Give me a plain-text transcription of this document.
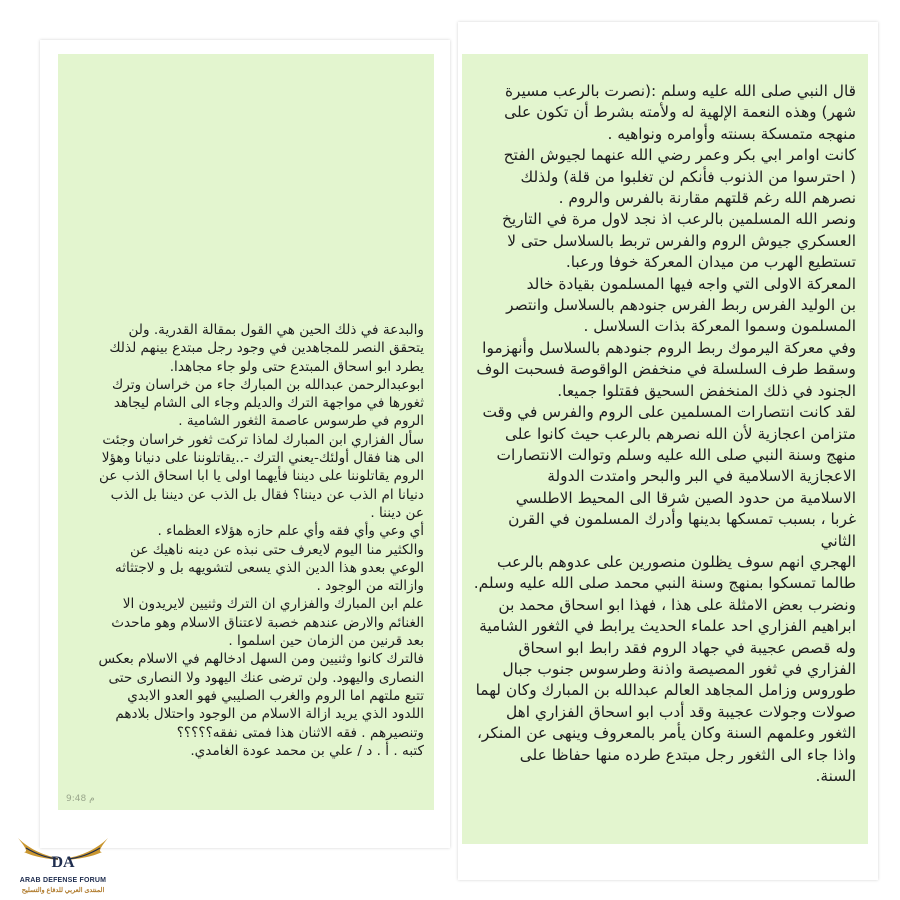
قال النبي صلى الله عليه وسلم :(نصرت بالرعب مسيرة
شهر) وهذه النعمة الإلهية له ولأمته بشرط أن تكون على
منهجه متمسكة بسنته وأوامره ونواهيه .

كانت اوامر ابي بكر وعمر رضي الله عنهما لجيوش الفتح
( احترسوا من الذنوب فأنكم لن تغلبوا من قلة) ولذلك
نصرهم الله رغم قلتهم مقارنة بالفرس والروم .

ونصر الله المسلمين بالرعب اذ نجد لاول مرة في التاريخ
العسكري جيوش الروم والفرس تربط بالسلاسل حتى لا
تستطيع الهرب من ميدان المعركة خوفا ورعبا.

المعركة الاولى التي واجه فيها المسلمون بقيادة خالد
بن الوليد الفرس ربط الفرس جنودهم بالسلاسل وانتصر
المسلمون وسموا المعركة بذات السلاسل .

وفي معركة اليرموك ربط الروم جنودهم بالسلاسل وأنهزموا
وسقط طرف السلسلة في منخفض الواقوصة فسحبت الوف
الجنود في ذلك المنخفض السحيق فقتلوا جميعا.

لقد كانت انتصارات المسلمين على الروم والفرس في وقت
متزامن اعجازية لأن الله نصرهم بالرعب حيث كانوا على
منهج وسنة النبي صلى الله عليه وسلم وتوالت الانتصارات
الاعجازية الاسلامية في البر والبحر وامتدت الدولة
الاسلامية من حدود الصين شرقا الى المحيط الاطلسي
غربا ، بسبب تمسكها بدينها وأدرك المسلمون في القرن الثاني
الهجري انهم سوف يظلون منصورين على عدوهم بالرعب
طالما تمسكوا بمنهج وسنة النبي محمد صلى الله عليه وسلم.

ونضرب بعض الامثلة على هذا ، فهذا ابو اسحاق محمد بن
ابراهيم الفزاري احد علماء الحديث يرابط في الثغور الشامية
وله قصص عجيبة في جهاد الروم فقد رابط ابو اسحاق
الفزاري في ثغور المصيصة واذنة وطرسوس جنوب جبال
طوروس وزامل المجاهد العالم عبدالله بن المبارك وكان لهما
صولات وجولات عجيبة وقد أدب ابو اسحاق الفزاري اهل
الثغور وعلمهم السنة وكان يأمر بالمعروف وينهى عن المنكر،
واذا جاء الى الثغور رجل مبتدع طرده منها حفاظا على
السنة.

والبدعة في ذلك الحين هي القول بمقالة القدرية. ولن
يتحقق النصر للمجاهدين في وجود رجل مبتدع بينهم لذلك
يطرد ابو اسحاق المبتدع حتى ولو جاء مجاهدا.

ابوعبدالرحمن عبدالله بن المبارك جاء من خراسان وترك
ثغورها في مواجهة الترك والديلم وجاء الى الشام ليجاهد
الروم في طرسوس عاصمة الثغور الشامية .

سأل الفزاري ابن المبارك لماذا تركت ثغور خراسان وجئت
الى هنا فقال أولئك-يعني الترك -..يقاتلوننا على دنيانا وهؤلا
الروم يقاتلوننا على ديننا فأيهما اولى يا ابا اسحاق الذب عن
دنيانا ام الذب عن ديننا؟ فقال بل الذب عن ديننا بل الذب
عن ديننا .

أي وعي وأي فقه وأي علم حازه هؤلاء العظماء .

والكثير منا اليوم لايعرف حتى نبذه عن دينه ناهيك عن
الوعي بعدو هذا الدين الذي يسعى لتشويهه بل و لاجتثاثه
وازالته من الوجود .

علم ابن المبارك والفزاري ان الترك وثنيين لايريدون الا
الغنائم والارض عندهم خصبة لاعتناق الاسلام وهو ماحدث
بعد قرنين من الزمان حين اسلموا .

فالترك كانوا وثنيين ومن السهل ادخالهم في الاسلام بعكس
النصارى واليهود. ولن ترضى عنك اليهود ولا النصارى حتى
تتبع ملتهم اما الروم والغرب الصليبي فهو العدو الابدي
اللدود الذي يريد ازالة الاسلام من الوجود واحتلال بلادهم
وتنصيرهم . فقه الاثنان هذا فمتى نفقه؟؟؟؟؟

كتبه . أ . د / علي بن محمد عودة الغامدي.

9:48 م
DA
ARAB DEFENSE FORUM
المنتدى العربي للدفاع والتسليح
